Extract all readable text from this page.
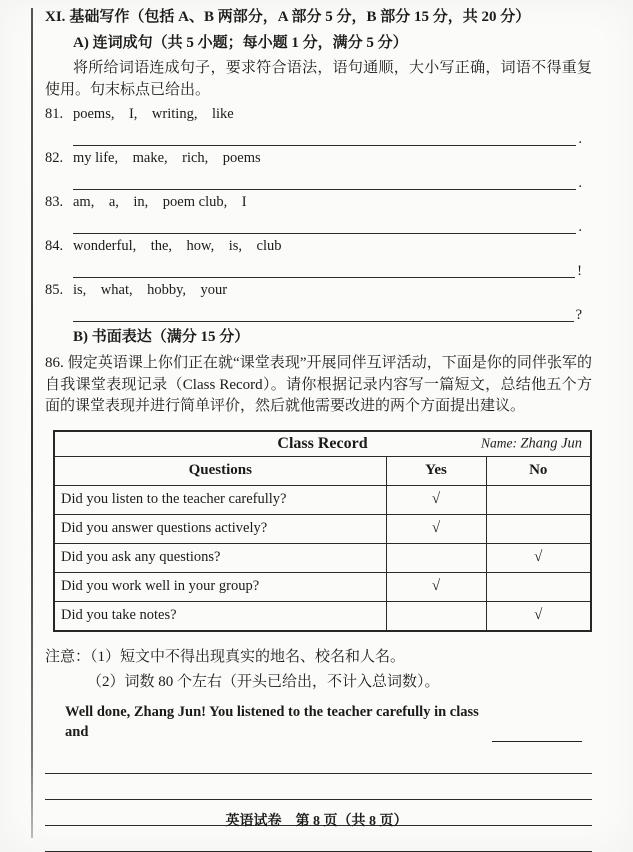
XI. 基础写作（包括 A、B 两部分，A 部分 5 分，B 部分 15 分，共 20 分）
A) 连词成句（共 5 小题；每小题 1 分，满分 5 分）
将所给词语连成句子，要求符合语法，语句通顺，大小写正确，词语不得重复使用。句末标点已给出。
81. poems,  I,  writing,  like
.
82. my life,  make,  rich,  poems
.
83. am,  a,  in,  poem club,  I
.
84. wonderful,  the,  how,  is,  club
!
85. is,  what,  hobby,  your
?
B) 书面表达（满分 15 分）
86. 假定英语课上你们正在就“课堂表现”开展同伴互评活动，下面是你的同伴张军的自我课堂表现记录（Class Record）。请你根据记录内容写一篇短文，总结他五个方面的课堂表现并进行简单评价，然后就他需要改进的两个方面提出建议。
Class Record Name: Zhang Jun		

Questions	Yes	No
Did you listen to the teacher carefully?	√	
Did you answer questions actively?	√	
Did you ask any questions?		√
Did you work well in your group?	√	
Did you take notes?		√
注意：（1）短文中不得出现真实的地名、校名和人名。
（2）词数 80 个左右（开头已给出，不计入总词数）。
Well done, Zhang Jun! You listened to the teacher carefully in class and
英语试卷　第 8 页（共 8 页）
